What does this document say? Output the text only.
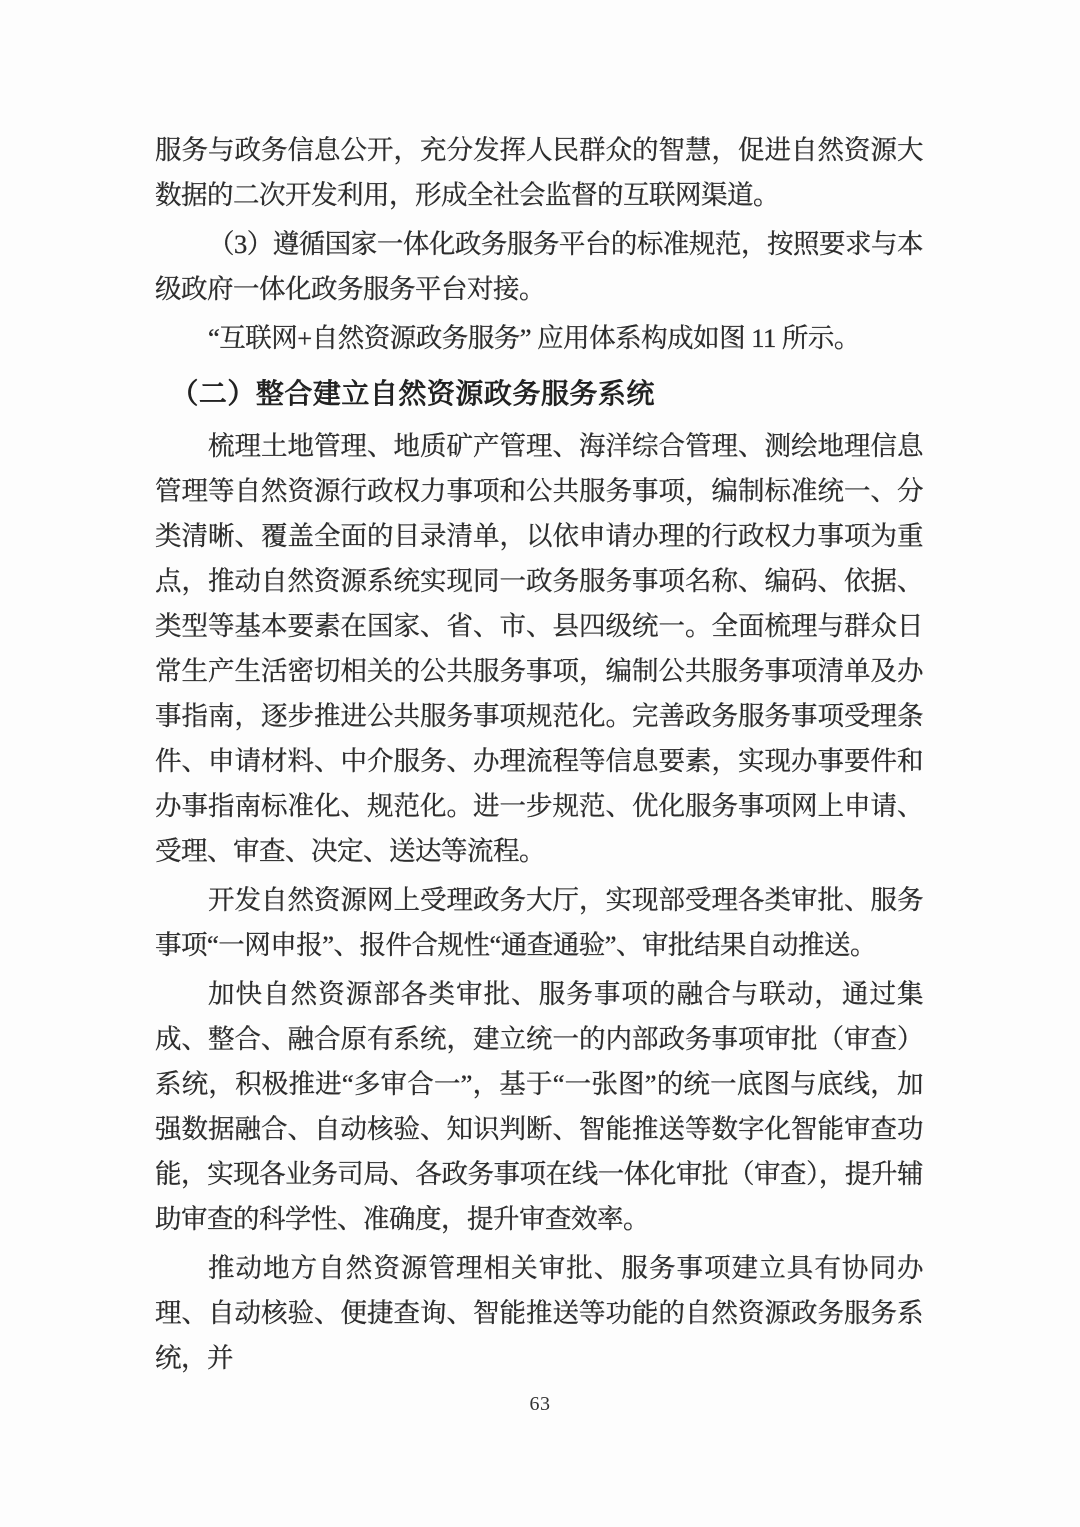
服务与政务信息公开，充分发挥人民群众的智慧，促进自然资源大数据的二次开发利用，形成全社会监督的互联网渠道。

（3）遵循国家一体化政务服务平台的标准规范，按照要求与本级政府一体化政务服务平台对接。

“互联网+自然资源政务服务” 应用体系构成如图 11 所示。

（二）整合建立自然资源政务服务系统

梳理土地管理、地质矿产管理、海洋综合管理、测绘地理信息管理等自然资源行政权力事项和公共服务事项，编制标准统一、分类清晰、覆盖全面的目录清单，以依申请办理的行政权力事项为重点，推动自然资源系统实现同一政务服务事项名称、编码、依据、类型等基本要素在国家、省、市、县四级统一。全面梳理与群众日常生产生活密切相关的公共服务事项，编制公共服务事项清单及办事指南，逐步推进公共服务事项规范化。完善政务服务事项受理条件、申请材料、中介服务、办理流程等信息要素，实现办事要件和办事指南标准化、规范化。进一步规范、优化服务事项网上申请、受理、审查、决定、送达等流程。

开发自然资源网上受理政务大厅，实现部受理各类审批、服务事项“一网申报”、报件合规性“通查通验”、审批结果自动推送。

加快自然资源部各类审批、服务事项的融合与联动，通过集成、整合、融合原有系统，建立统一的内部政务事项审批（审查）系统，积极推进“多审合一”，基于“一张图”的统一底图与底线，加强数据融合、自动核验、知识判断、智能推送等数字化智能审查功能，实现各业务司局、各政务事项在线一体化审批（审查），提升辅助审查的科学性、准确度，提升审查效率。

推动地方自然资源管理相关审批、服务事项建立具有协同办理、自动核验、便捷查询、智能推送等功能的自然资源政务服务系统，并

63
